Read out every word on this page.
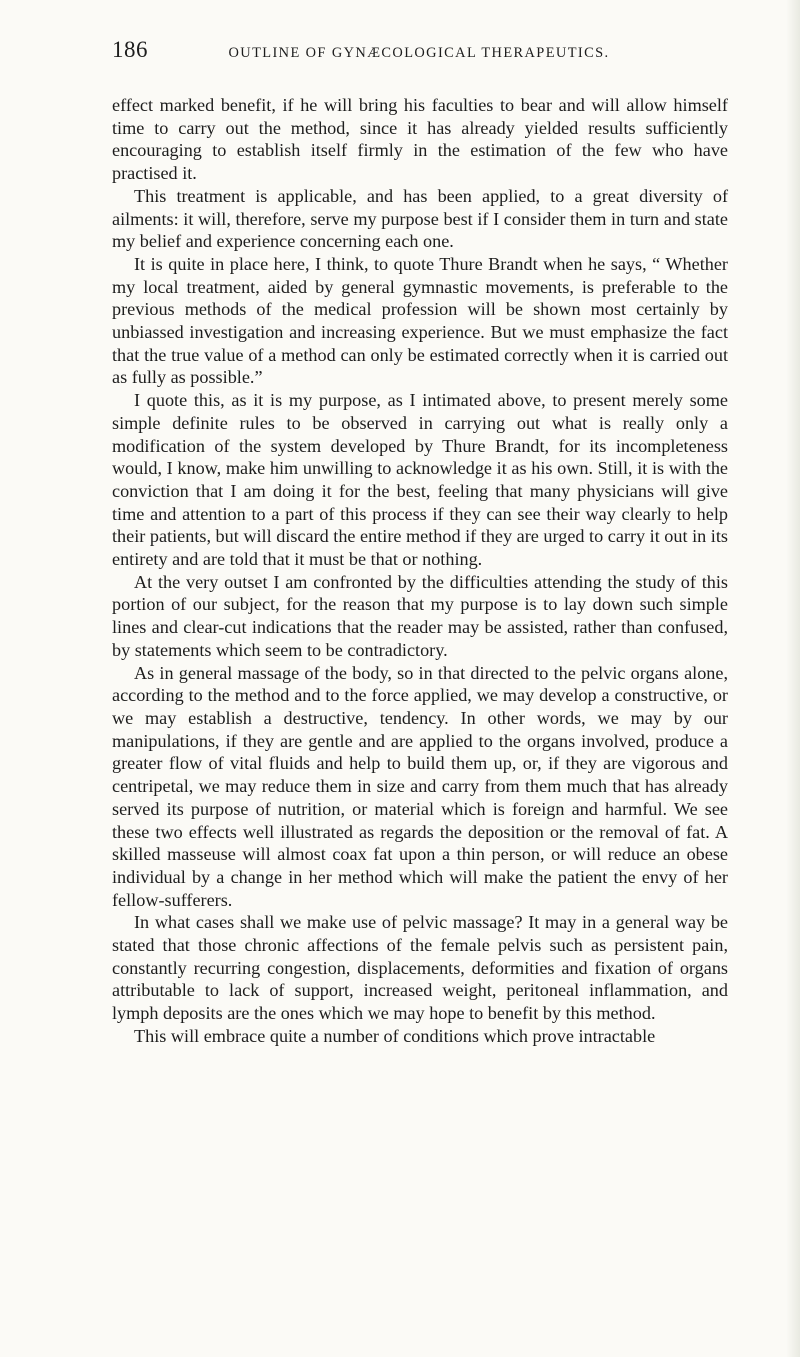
186	OUTLINE OF GYNÆCOLOGICAL THERAPEUTICS.

effect marked benefit, if he will bring his faculties to bear and will allow himself time to carry out the method, since it has already yielded results sufficiently encouraging to establish itself firmly in the estimation of the few who have practised it.

This treatment is applicable, and has been applied, to a great diversity of ailments: it will, therefore, serve my purpose best if I consider them in turn and state my belief and experience concerning each one.

It is quite in place here, I think, to quote Thure Brandt when he says, “ Whether my local treatment, aided by general gymnastic movements, is preferable to the previous methods of the medical profession will be shown most certainly by unbiassed investigation and increasing experience. But we must emphasize the fact that the true value of a method can only be estimated correctly when it is carried out as fully as possible.”

I quote this, as it is my purpose, as I intimated above, to present merely some simple definite rules to be observed in carrying out what is really only a modification of the system developed by Thure Brandt, for its incompleteness would, I know, make him unwilling to acknowledge it as his own. Still, it is with the conviction that I am doing it for the best, feeling that many physicians will give time and attention to a part of this process if they can see their way clearly to help their patients, but will discard the entire method if they are urged to carry it out in its entirety and are told that it must be that or nothing.

At the very outset I am confronted by the difficulties attending the study of this portion of our subject, for the reason that my purpose is to lay down such simple lines and clear-cut indications that the reader may be assisted, rather than confused, by statements which seem to be contradictory.

As in general massage of the body, so in that directed to the pelvic organs alone, according to the method and to the force applied, we may develop a constructive, or we may establish a destructive, tendency. In other words, we may by our manipulations, if they are gentle and are applied to the organs involved, produce a greater flow of vital fluids and help to build them up, or, if they are vigorous and centripetal, we may reduce them in size and carry from them much that has already served its purpose of nutrition, or material which is foreign and harmful. We see these two effects well illustrated as regards the deposition or the removal of fat. A skilled masseuse will almost coax fat upon a thin person, or will reduce an obese individual by a change in her method which will make the patient the envy of her fellow-sufferers.

In what cases shall we make use of pelvic massage? It may in a general way be stated that those chronic affections of the female pelvis such as persistent pain, constantly recurring congestion, displacements, deformities and fixation of organs attributable to lack of support, increased weight, peritoneal inflammation, and lymph deposits are the ones which we may hope to benefit by this method.

This will embrace quite a number of conditions which prove intractable
